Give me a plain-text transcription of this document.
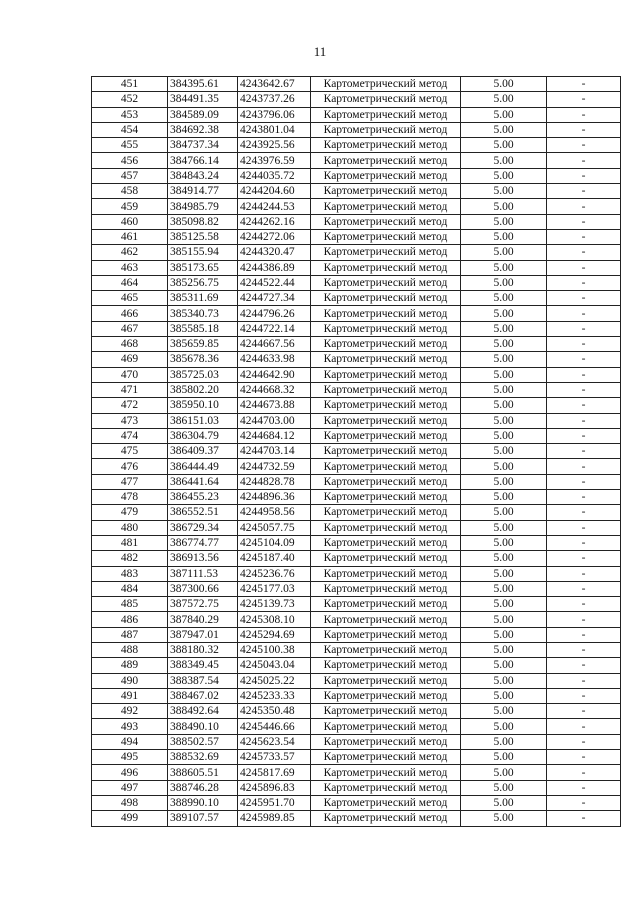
11
451	384395.61	4243642.67	Картометрический метод	5.00	-
452	384491.35	4243737.26	Картометрический метод	5.00	-
453	384589.09	4243796.06	Картометрический метод	5.00	-
454	384692.38	4243801.04	Картометрический метод	5.00	-
455	384737.34	4243925.56	Картометрический метод	5.00	-
456	384766.14	4243976.59	Картометрический метод	5.00	-
457	384843.24	4244035.72	Картометрический метод	5.00	-
458	384914.77	4244204.60	Картометрический метод	5.00	-
459	384985.79	4244244.53	Картометрический метод	5.00	-
460	385098.82	4244262.16	Картометрический метод	5.00	-
461	385125.58	4244272.06	Картометрический метод	5.00	-
462	385155.94	4244320.47	Картометрический метод	5.00	-
463	385173.65	4244386.89	Картометрический метод	5.00	-
464	385256.75	4244522.44	Картометрический метод	5.00	-
465	385311.69	4244727.34	Картометрический метод	5.00	-
466	385340.73	4244796.26	Картометрический метод	5.00	-
467	385585.18	4244722.14	Картометрический метод	5.00	-
468	385659.85	4244667.56	Картометрический метод	5.00	-
469	385678.36	4244633.98	Картометрический метод	5.00	-
470	385725.03	4244642.90	Картометрический метод	5.00	-
471	385802.20	4244668.32	Картометрический метод	5.00	-
472	385950.10	4244673.88	Картометрический метод	5.00	-
473	386151.03	4244703.00	Картометрический метод	5.00	-
474	386304.79	4244684.12	Картометрический метод	5.00	-
475	386409.37	4244703.14	Картометрический метод	5.00	-
476	386444.49	4244732.59	Картометрический метод	5.00	-
477	386441.64	4244828.78	Картометрический метод	5.00	-
478	386455.23	4244896.36	Картометрический метод	5.00	-
479	386552.51	4244958.56	Картометрический метод	5.00	-
480	386729.34	4245057.75	Картометрический метод	5.00	-
481	386774.77	4245104.09	Картометрический метод	5.00	-
482	386913.56	4245187.40	Картометрический метод	5.00	-
483	387111.53	4245236.76	Картометрический метод	5.00	-
484	387300.66	4245177.03	Картометрический метод	5.00	-
485	387572.75	4245139.73	Картометрический метод	5.00	-
486	387840.29	4245308.10	Картометрический метод	5.00	-
487	387947.01	4245294.69	Картометрический метод	5.00	-
488	388180.32	4245100.38	Картометрический метод	5.00	-
489	388349.45	4245043.04	Картометрический метод	5.00	-
490	388387.54	4245025.22	Картометрический метод	5.00	-
491	388467.02	4245233.33	Картометрический метод	5.00	-
492	388492.64	4245350.48	Картометрический метод	5.00	-
493	388490.10	4245446.66	Картометрический метод	5.00	-
494	388502.57	4245623.54	Картометрический метод	5.00	-
495	388532.69	4245733.57	Картометрический метод	5.00	-
496	388605.51	4245817.69	Картометрический метод	5.00	-
497	388746.28	4245896.83	Картометрический метод	5.00	-
498	388990.10	4245951.70	Картометрический метод	5.00	-
499	389107.57	4245989.85	Картометрический метод	5.00	-
